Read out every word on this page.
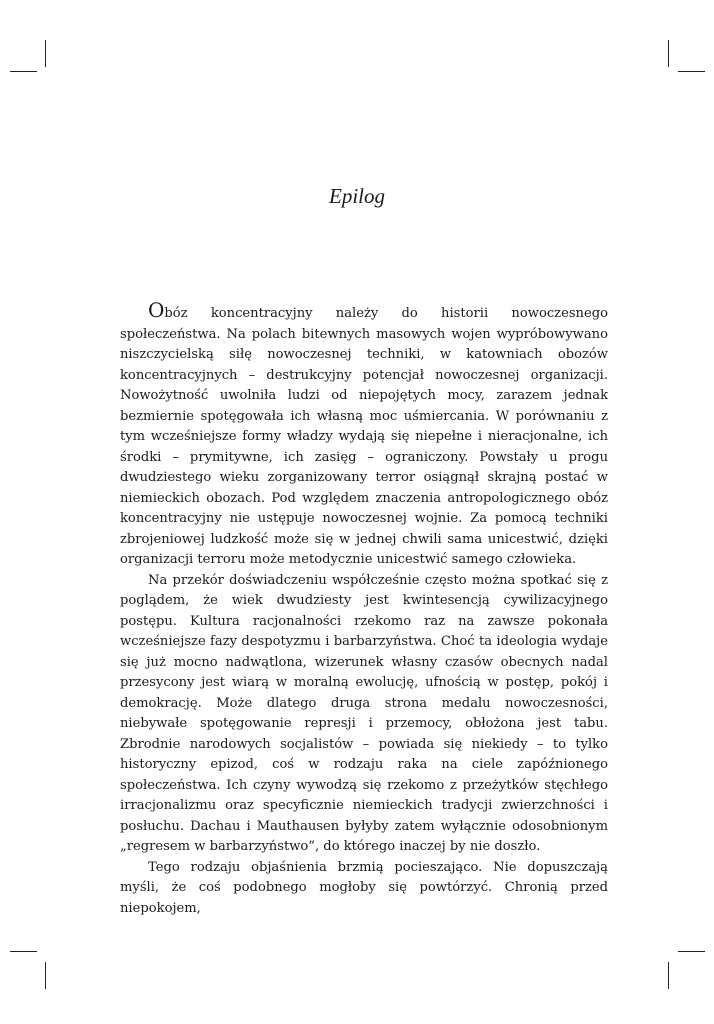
Epilog

Obóz koncentracyjny należy do historii nowoczesnego społeczeństwa. Na polach bitewnych masowych wojen wypróbowywano niszczycielską siłę nowoczesnej techniki, w katowniach obozów koncentracyjnych – destrukcyjny potencjał nowoczesnej organizacji. Nowożytność uwolniła ludzi od niepojętych mocy, zarazem jednak bezmiernie spotęgowała ich własną moc uśmiercania. W porównaniu z tym wcześniejsze formy władzy wydają się niepełne i nieracjonalne, ich środki – prymitywne, ich zasięg – ograniczony. Powstały u progu dwudziestego wieku zorganizowany terror osiągnął skrajną postać w niemieckich obozach. Pod względem znaczenia antropologicznego obóz koncentracyjny nie ustępuje nowoczesnej wojnie. Za pomocą techniki zbrojeniowej ludzkość może się w jednej chwili sama unicestwić, dzięki organizacji terroru może metodycznie unicestwić samego człowieka.

Na przekór doświadczeniu współcześnie często można spotkać się z poglądem, że wiek dwudziesty jest kwintesencją cywilizacyjnego postępu. Kultura racjonalności rzekomo raz na zawsze pokonała wcześniejsze fazy despotyzmu i barbarzyństwa. Choć ta ideologia wydaje się już mocno nadwątlona, wizerunek własny czasów obecnych nadal przesycony jest wiarą w moralną ewolucję, ufnością w postęp, pokój i demokrację. Może dlatego druga strona medalu nowoczesności, niebywałe spotęgowanie represji i przemocy, obłożona jest tabu. Zbrodnie narodowych socjalistów – powiada się niekiedy – to tylko historyczny epizod, coś w rodzaju raka na ciele zapóźnionego społeczeństwa. Ich czyny wywodzą się rzekomo z przeżytków stęchłego irracjonalizmu oraz specyficznie niemieckich tradycji zwierzchności i posłuchu. Dachau i Mauthausen byłyby zatem wyłącznie odosobnionym „regresem w barbarzyństwo”, do którego inaczej by nie doszło.

Tego rodzaju objaśnienia brzmią pocieszająco. Nie dopuszczają myśli, że coś podobnego mogłoby się powtórzyć. Chronią przed niepokojem,
